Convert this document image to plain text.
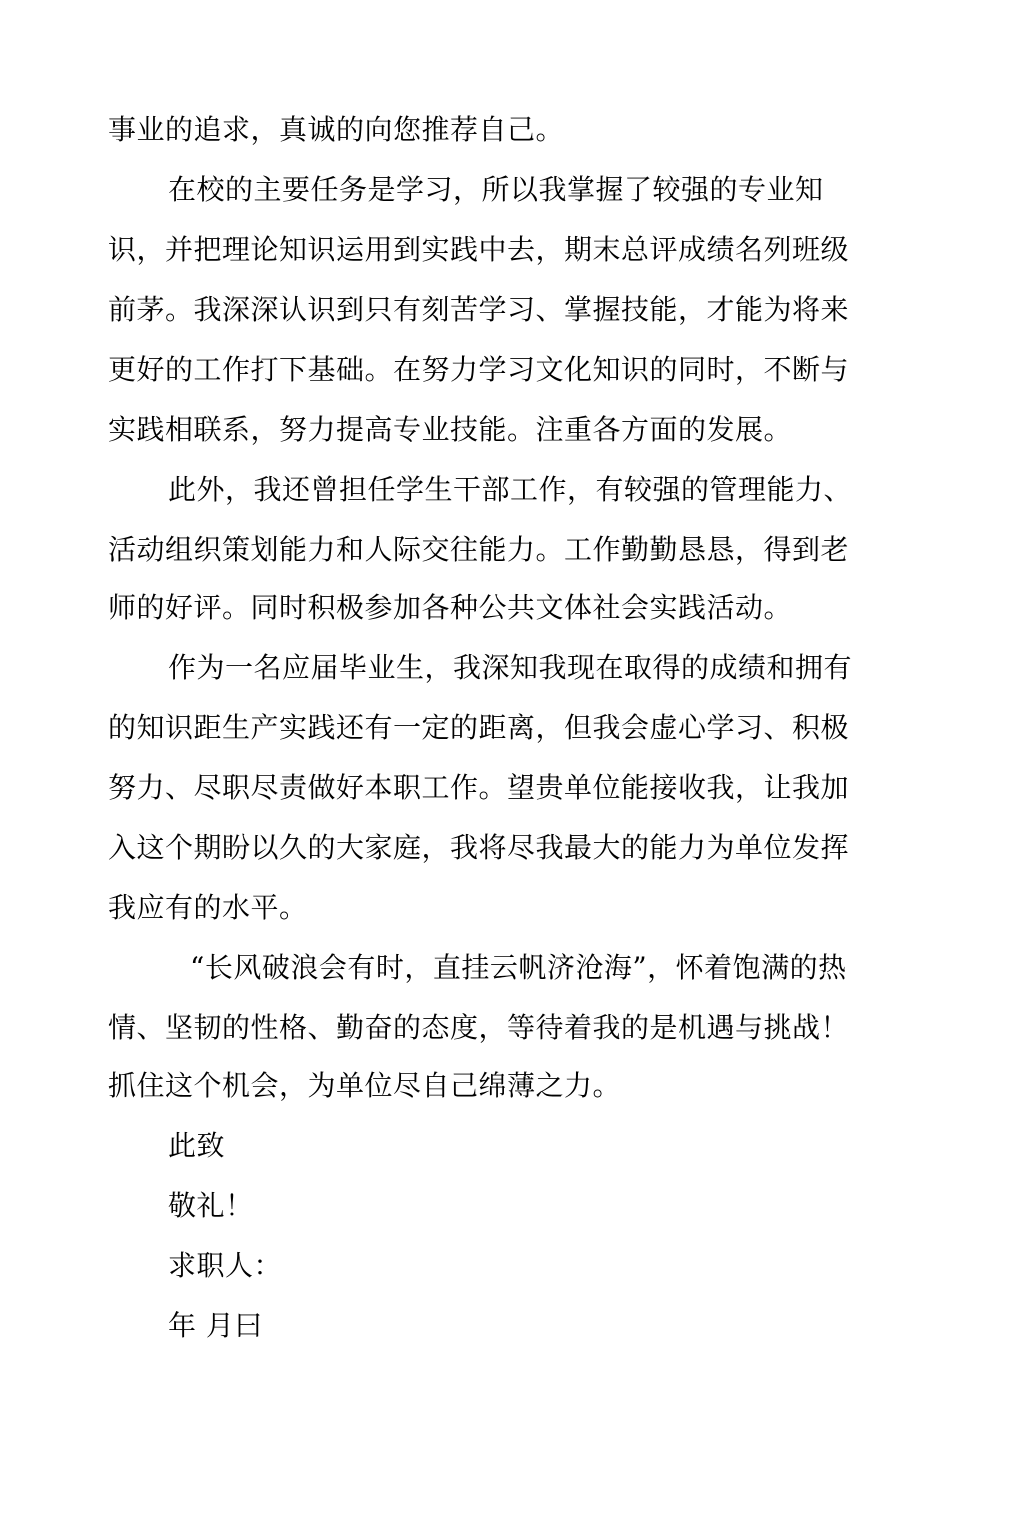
事业的追求，真诚的向您推荐自己。
在校的主要任务是学习，所以我掌握了较强的专业知
识，并把理论知识运用到实践中去，期末总评成绩名列班级
前茅。我深深认识到只有刻苦学习、掌握技能，才能为将来
更好的工作打下基础。在努力学习文化知识的同时，不断与
实践相联系，努力提高专业技能。注重各方面的发展。
此外，我还曾担任学生干部工作，有较强的管理能力、
活动组织策划能力和人际交往能力。工作勤勤恳恳，得到老
师的好评。同时积极参加各种公共文体社会实践活动。
作为一名应届毕业生，我深知我现在取得的成绩和拥有
的知识距生产实践还有一定的距离，但我会虚心学习、积极
努力、尽职尽责做好本职工作。望贵单位能接收我，让我加
入这个期盼以久的大家庭，我将尽我最大的能力为单位发挥
我应有的水平。
“长风破浪会有时，直挂云帆济沧海”，怀着饱满的热
情、坚韧的性格、勤奋的态度，等待着我的是机遇与挑战！
抓住这个机会，为单位尽自己绵薄之力。
此致
敬礼！
求职人：
年 月曰
